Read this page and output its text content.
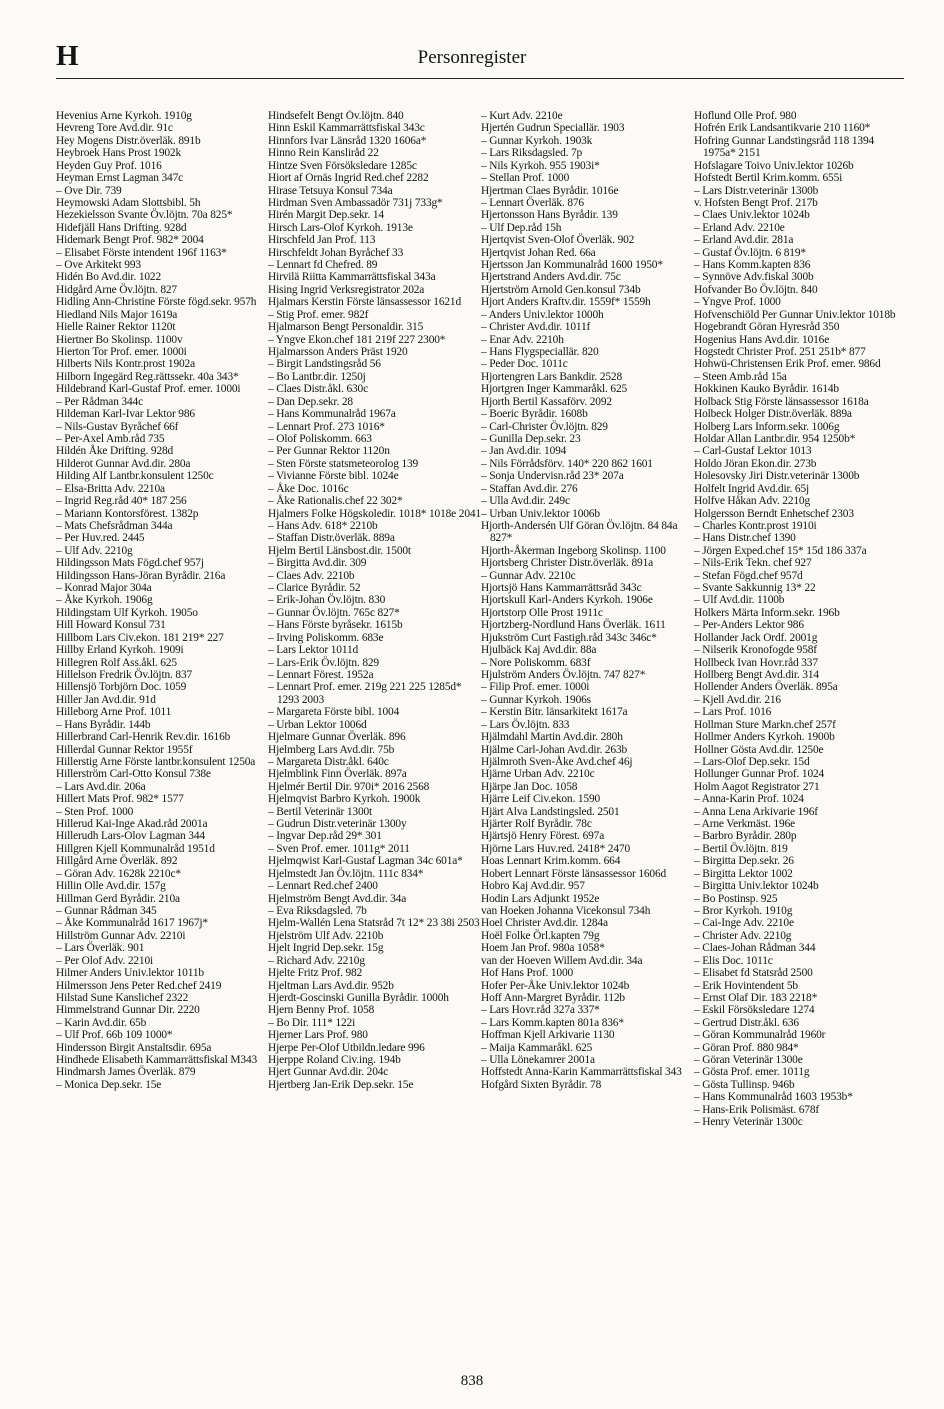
H	Personregister

Hevenius Arne Kyrkoh. 1910g

Hevreng Tore Avd.dir. 91c

Hey Mogens Distr.överläk. 891b

Heybroek Hans Prost 1902k

Heyden Guy Prof. 1016

Heyman Ernst Lagman 347c

– Ove Dir. 739

Heymowski Adam Slottsbibl. 5h

Hezekielsson Svante Öv.löjtn. 70a 825*

Hidefjäll Hans Drifting. 928d

Hidemark Bengt Prof. 982* 2004

– Elisabet Förste intendent 196f 1163*

– Ove Arkitekt 993

Hidén Bo Avd.dir. 1022

Hidgård Arne Öv.löjtn. 827

Hidling Ann-Christine Förste fögd.sekr. 957h

Hiedland Nils Major 1619a

Hielle Rainer Rektor 1120t

Hiertner Bo Skolinsp. 1100v

Hierton Tor Prof. emer. 1000i

Hilberts Nils Kontr.prost 1902a

Hilborn Ingegärd Reg.rättssekr. 40a 343*

Hildebrand Karl-Gustaf Prof. emer. 1000i

– Per Rådman 344c

Hildeman Karl-Ivar Lektor 986

– Nils-Gustav Byråchef 66f

– Per-Axel Amb.råd 735

Hildén Åke Drifting. 928d

Hilderot Gunnar Avd.dir. 280a

Hilding Alf Lantbr.konsulent 1250c

– Elsa-Britta Adv. 2210a

– Ingrid Reg.råd 40* 187 256

– Mariann Kontorsförest. 1382p

– Mats Chefsrådman 344a

– Per Huv.red. 2445

– Ulf Adv. 2210g

Hildingsson Mats Fögd.chef 957j

Hildingsson Hans-Jöran Byrådir. 216a

– Konrad Major 304a

– Åke Kyrkoh. 1906g

Hildingstam Ulf Kyrkoh. 1905o

Hill Howard Konsul 731

Hillbom Lars Civ.ekon. 181 219* 227

Hillby Erland Kyrkoh. 1909i

Hillegren Rolf Ass.åkl. 625

Hillelson Fredrik Öv.löjtn. 837

Hillensjö Torbjörn Doc. 1059

Hiller Jan Avd.dir. 91d

Hilleborg Arne Prof. 1011

– Hans Byrådir. 144b

Hillerbrand Carl-Henrik Rev.dir. 1616b

Hillerdal Gunnar Rektor 1955f

Hillerstig Arne Förste lantbr.konsulent 1250a

Hillerström Carl-Otto Konsul 738e

– Lars Avd.dir. 206a

Hillert Mats Prof. 982* 1577

– Sten Prof. 1000

Hillerud Kai-Inge Akad.råd 2001a

Hillerudh Lars-Olov Lagman 344

Hillgren Kjell Kommunalråd 1951d

Hillgård Arne Överläk. 892

– Göran Adv. 1628k 2210c*

Hillin Olle Avd.dir. 157g

Hillman Gerd Byrådir. 210a

– Gunnar Rådman 345

– Åke Kommunalråd 1617 1967j*

Hillström Gunnar Adv. 2210i

– Lars Överläk. 901

– Per Olof Adv. 2210i

Hilmer Anders Univ.lektor 1011b

Hilmersson Jens Peter Red.chef 2419

Hilstad Sune Kanslichef 2322

Himmelstrand Gunnar Dir. 2220

– Karin Avd.dir. 65b

– Ulf Prof. 66b 109 1000*

Hindersson Birgit Anstaltsdir. 695a

Hindhede Elisabeth Kammarrättsfiskal M343

Hindmarsh James Överläk. 879

– Monica Dep.sekr. 15e

Hindsefelt Bengt Öv.löjtn. 840

Hinn Eskil Kammarrättsfiskal 343c

Hinnfors Ivar Länsråd 1320 1606a*

Hinno Rein Kansliråd 22

Hintze Sven Försöksledare 1285c

Hiort af Ornäs Ingrid Red.chef 2282

Hirase Tetsuya Konsul 734a

Hirdman Sven Ambassadör 731j 733g*

Hirén Margit Dep.sekr. 14

Hirsch Lars-Olof Kyrkoh. 1913e

Hirschfeld Jan Prof. 113

Hirschfeldt Johan Byråchef 33

– Lennart fd Chefred. 89

Hirvilä Riitta Kammarrättsfiskal 343a

Hising Ingrid Verksregistrator 202a

Hjalmars Kerstin Förste länsassessor 1621d

– Stig Prof. emer. 982f

Hjalmarson Bengt Personaldir. 315

– Yngve Ekon.chef 181 219f 227 2300*

Hjalmarsson Anders Präst 1920

– Birgit Landstingsråd 56

– Bo Lantbr.dir. 1250j

– Claes Distr.åkl. 630c

– Dan Dep.sekr. 28

– Hans Kommunalråd 1967a

– Lennart Prof. 273 1016*

– Olof Poliskomm. 663

– Per Gunnar Rektor 1120n

– Sten Förste statsmeteorolog 139

– Vivianne Förste bibl. 1024e

– Åke Doc. 1016c

– Åke Rationalis.chef 22 302*

Hjalmers Folke Högskoledir. 1018* 1018e 2041

– Hans Adv. 618* 2210b

– Staffan Distr.överläk. 889a

Hjelm Bertil Länsbost.dir. 1500t

– Birgitta Avd.dir. 309

– Claes Adv. 2210b

– Clarice Byrådir. 52

– Erik-Johan Öv.löjtn. 830

– Gunnar Öv.löjtn. 765c 827*

– Hans Förste byråsekr. 1615b

– Irving Poliskomm. 683e

– Lars Lektor 1011d

– Lars-Erik Öv.löjtn. 829

– Lennart Förest. 1952a

– Lennart Prof. emer. 219g 221 225 1285d* 1293 2003

– Margareta Förste bibl. 1004

– Urban Lektor 1006d

Hjelmare Gunnar Överläk. 896

Hjelmberg Lars Avd.dir. 75b

– Margareta Distr.åkl. 640c

Hjelmblink Finn Överläk. 897a

Hjelmér Bertil Dir. 970i* 2016 2568

Hjelmqvist Barbro Kyrkoh. 1900k

– Bertil Veterinär 1300t

– Gudrun Distr.veterinär 1300y

– Ingvar Dep.råd 29* 301

– Sven Prof. emer. 1011g* 2011

Hjelmqwist Karl-Gustaf Lagman 34c 601a*

Hjelmstedt Jan Öv.löjtn. 111c 834*

– Lennart Red.chef 2400

Hjelmström Bengt Avd.dir. 34a

– Eva Riksdagsled. 7b

Hjelm-Wallén Lena Statsråd 7t 12* 23 38i 2503

Hjelström Ulf Adv. 2210b

Hjelt Ingrid Dep.sekr. 15g

– Richard Adv. 2210g

Hjelte Fritz Prof. 982

Hjeltman Lars Avd.dir. 952b

Hjerdt-Goscinski Gunilla Byrådir. 1000h

Hjern Benny Prof. 1058

– Bo Dir. 111* 122i

Hjerner Lars Prof. 980

Hjerpe Per-Olof Utbildn.ledare 996

Hjerppe Roland Civ.ing. 194b

Hjert Gunnar Avd.dir. 204c

Hjertberg Jan-Erik Dep.sekr. 15e

– Kurt Adv. 2210e

Hjertén Gudrun Speciallär. 1903

– Gunnar Kyrkoh. 1903k

– Lars Riksdagsled. 7p

– Nils Kyrkoh. 955 1903i*

– Stellan Prof. 1000

Hjertman Claes Byrådir. 1016e

– Lennart Överläk. 876

Hjertonsson Hans Byrådir. 139

– Ulf Dep.råd 15h

Hjertqvist Sven-Olof Överläk. 902

Hjertqvist Johan Red. 66a

Hjertsson Jan Kommunalråd 1600 1950*

Hjertstrand Anders Avd.dir. 75c

Hjertström Arnold Gen.konsul 734b

Hjort Anders Kraftv.dir. 1559f* 1559h

– Anders Univ.lektor 1000h

– Christer Avd.dir. 1011f

– Enar Adv. 2210h

– Hans Flygspeciallär. 820

– Peder Doc. 1011c

Hjortengren Lars Bankdir. 2528

Hjortgren Inger Kammaråkl. 625

Hjorth Bertil Kassaförv. 2092

– Boeric Byrådir. 1608b

– Carl-Christer Öv.löjtn. 829

– Gunilla Dep.sekr. 23

– Jan Avd.dir. 1094

– Nils Förrådsförv. 140* 220 862 1601

– Sonja Undervisn.råd 23* 207a

– Staffan Avd.dir. 276

– Ulla Avd.dir. 249c

– Urban Univ.lektor 1006b

Hjorth-Andersén Ulf Göran Öv.löjtn. 84 84a 827*

Hjorth-Åkerman Ingeborg Skolinsp. 1100

Hjortsberg Christer Distr.överläk. 891a

– Gunnar Adv. 2210c

Hjortsjö Hans Kammarrättsråd 343c

Hjortskull Karl-Anders Kyrkoh. 1906e

Hjortstorp Olle Prost 1911c

Hjortzberg-Nordlund Hans Överläk. 1611

Hjukström Curt Fastigh.råd 343c 346c*

Hjulbäck Kaj Avd.dir. 88a

– Nore Poliskomm. 683f

Hjulström Anders Öv.löjtn. 747 827*

– Filip Prof. emer. 1000i

– Gunnar Kyrkoh. 1906s

– Kerstin Bitr. länsarkitekt 1617a

– Lars Öv.löjtn. 833

Hjälmdahl Martin Avd.dir. 280h

Hjälme Carl-Johan Avd.dir. 263b

Hjälmroth Sven-Åke Avd.chef 46j

Hjärne Urban Adv. 2210c

Hjärpe Jan Doc. 1058

Hjärre Leif Civ.ekon. 1590

Hjärt Alva Landstingsled. 2501

Hjärter Rolf Byrådir. 78c

Hjärtsjö Henry Förest. 697a

Hjörne Lars Huv.red. 2418* 2470

Hoas Lennart Krim.komm. 664

Hobert Lennart Förste länsassessor 1606d

Hobro Kaj Avd.dir. 957

Hodin Lars Adjunkt 1952e

van Hoeken Johanna Vicekonsul 734h

Hoel Christer Avd.dir. 1284a

Hoël Folke Örl.kapten 79g

Hoem Jan Prof. 980a 1058*

van der Hoeven Willem Avd.dir. 34a

Hof Hans Prof. 1000

Hofer Per-Åke Univ.lektor 1024b

Hoff Ann-Margret Byrådir. 112b

– Lars Hovr.råd 327a 337*

– Lars Komm.kapten 801a 836*

Hoffman Kjell Arkivarie 1130

– Maija Kammaråkl. 625

– Ulla Lönekamrer 2001a

Hoffstedt Anna-Karin Kammarrättsfiskal 343

Hofgård Sixten Byrådir. 78

Hoflund Olle Prof. 980

Hofrén Erik Landsantikvarie 210 1160*

Hofring Gunnar Landstingsråd 118 1394 1975a* 2151

Hofslagare Toivo Univ.lektor 1026b

Hofstedt Bertil Krim.komm. 655i

– Lars Distr.veterinär 1300b

v. Hofsten Bengt Prof. 217b

– Claes Univ.lektor 1024b

– Erland Adv. 2210e

– Erland Avd.dir. 281a

– Gustaf Öv.löjtn. 6 819*

– Hans Komm.kapten 836

– Synnöve Adv.fiskal 300b

Hofvander Bo Öv.löjtn. 840

– Yngve Prof. 1000

Hofvenschiöld Per Gunnar Univ.lektor 1018b

Hogebrandt Göran Hyresråd 350

Hogenius Hans Avd.dir. 1016e

Hogstedt Christer Prof. 251 251b* 877

Hohwü-Christensen Erik Prof. emer. 986d

– Steen Amb.råd 15a

Hokkinen Kauko Byrådir. 1614b

Holback Stig Förste länsassessor 1618a

Holbeck Holger Distr.överläk. 889a

Holberg Lars Inform.sekr. 1006g

Holdar Allan Lantbr.dir. 954 1250b*

– Carl-Gustaf Lektor 1013

Holdo Jöran Ekon.dir. 273b

Holesovsky Jiri Distr.veterinär 1300b

Holfelt Ingrid Avd.dir. 65j

Holfve Håkan Adv. 2210g

Holgersson Berndt Enhetschef 2303

– Charles Kontr.prost 1910i

– Hans Distr.chef 1390

– Jörgen Exped.chef 15* 15d 186 337a

– Nils-Erik Tekn. chef 927

– Stefan Fögd.chef 957d

– Svante Sakkunnig 13* 22

– Ulf Avd.dir. 1100b

Holkers Märta Inform.sekr. 196b

– Per-Anders Lektor 986

Hollander Jack Ordf. 2001g

– Nilserik Kronofogde 958f

Hollbeck Ivan Hovr.råd 337

Hollberg Bengt Avd.dir. 314

Hollender Anders Överläk. 895a

– Kjell Avd.dir. 216

– Lars Prof. 1016

Hollman Sture Markn.chef 257f

Hollmer Anders Kyrkoh. 1900b

Hollner Gösta Avd.dir. 1250e

– Lars-Olof Dep.sekr. 15d

Hollunger Gunnar Prof. 1024

Holm Aagot Registrator 271

– Anna-Karin Prof. 1024

– Anna Lena Arkivarie 196f

– Arne Verkmäst. 196e

– Barbro Byrådir. 280p

– Bertil Öv.löjtn. 819

– Birgitta Dep.sekr. 26

– Birgitta Lektor 1002

– Birgitta Univ.lektor 1024b

– Bo Postinsp. 925

– Bror Kyrkoh. 1910g

– Cai-Inge Adv. 2210e

– Christer Adv. 2210g

– Claes-Johan Rådman 344

– Elis Doc. 1011c

– Elisabet fd Statsråd 2500

– Erik Hovintendent 5b

– Ernst Olaf Dir. 183 2218*

– Eskil Försöksledare 1274

– Gertrud Distr.åkl. 636

– Göran Kommunalråd 1960r

– Göran Prof. 880 984*

– Göran Veterinär 1300e

– Gösta Prof. emer. 1011g

– Gösta Tullinsp. 946b

– Hans Kommunalråd 1603 1953b*

– Hans-Erik Polismäst. 678f

– Henry Veterinär 1300c

838
